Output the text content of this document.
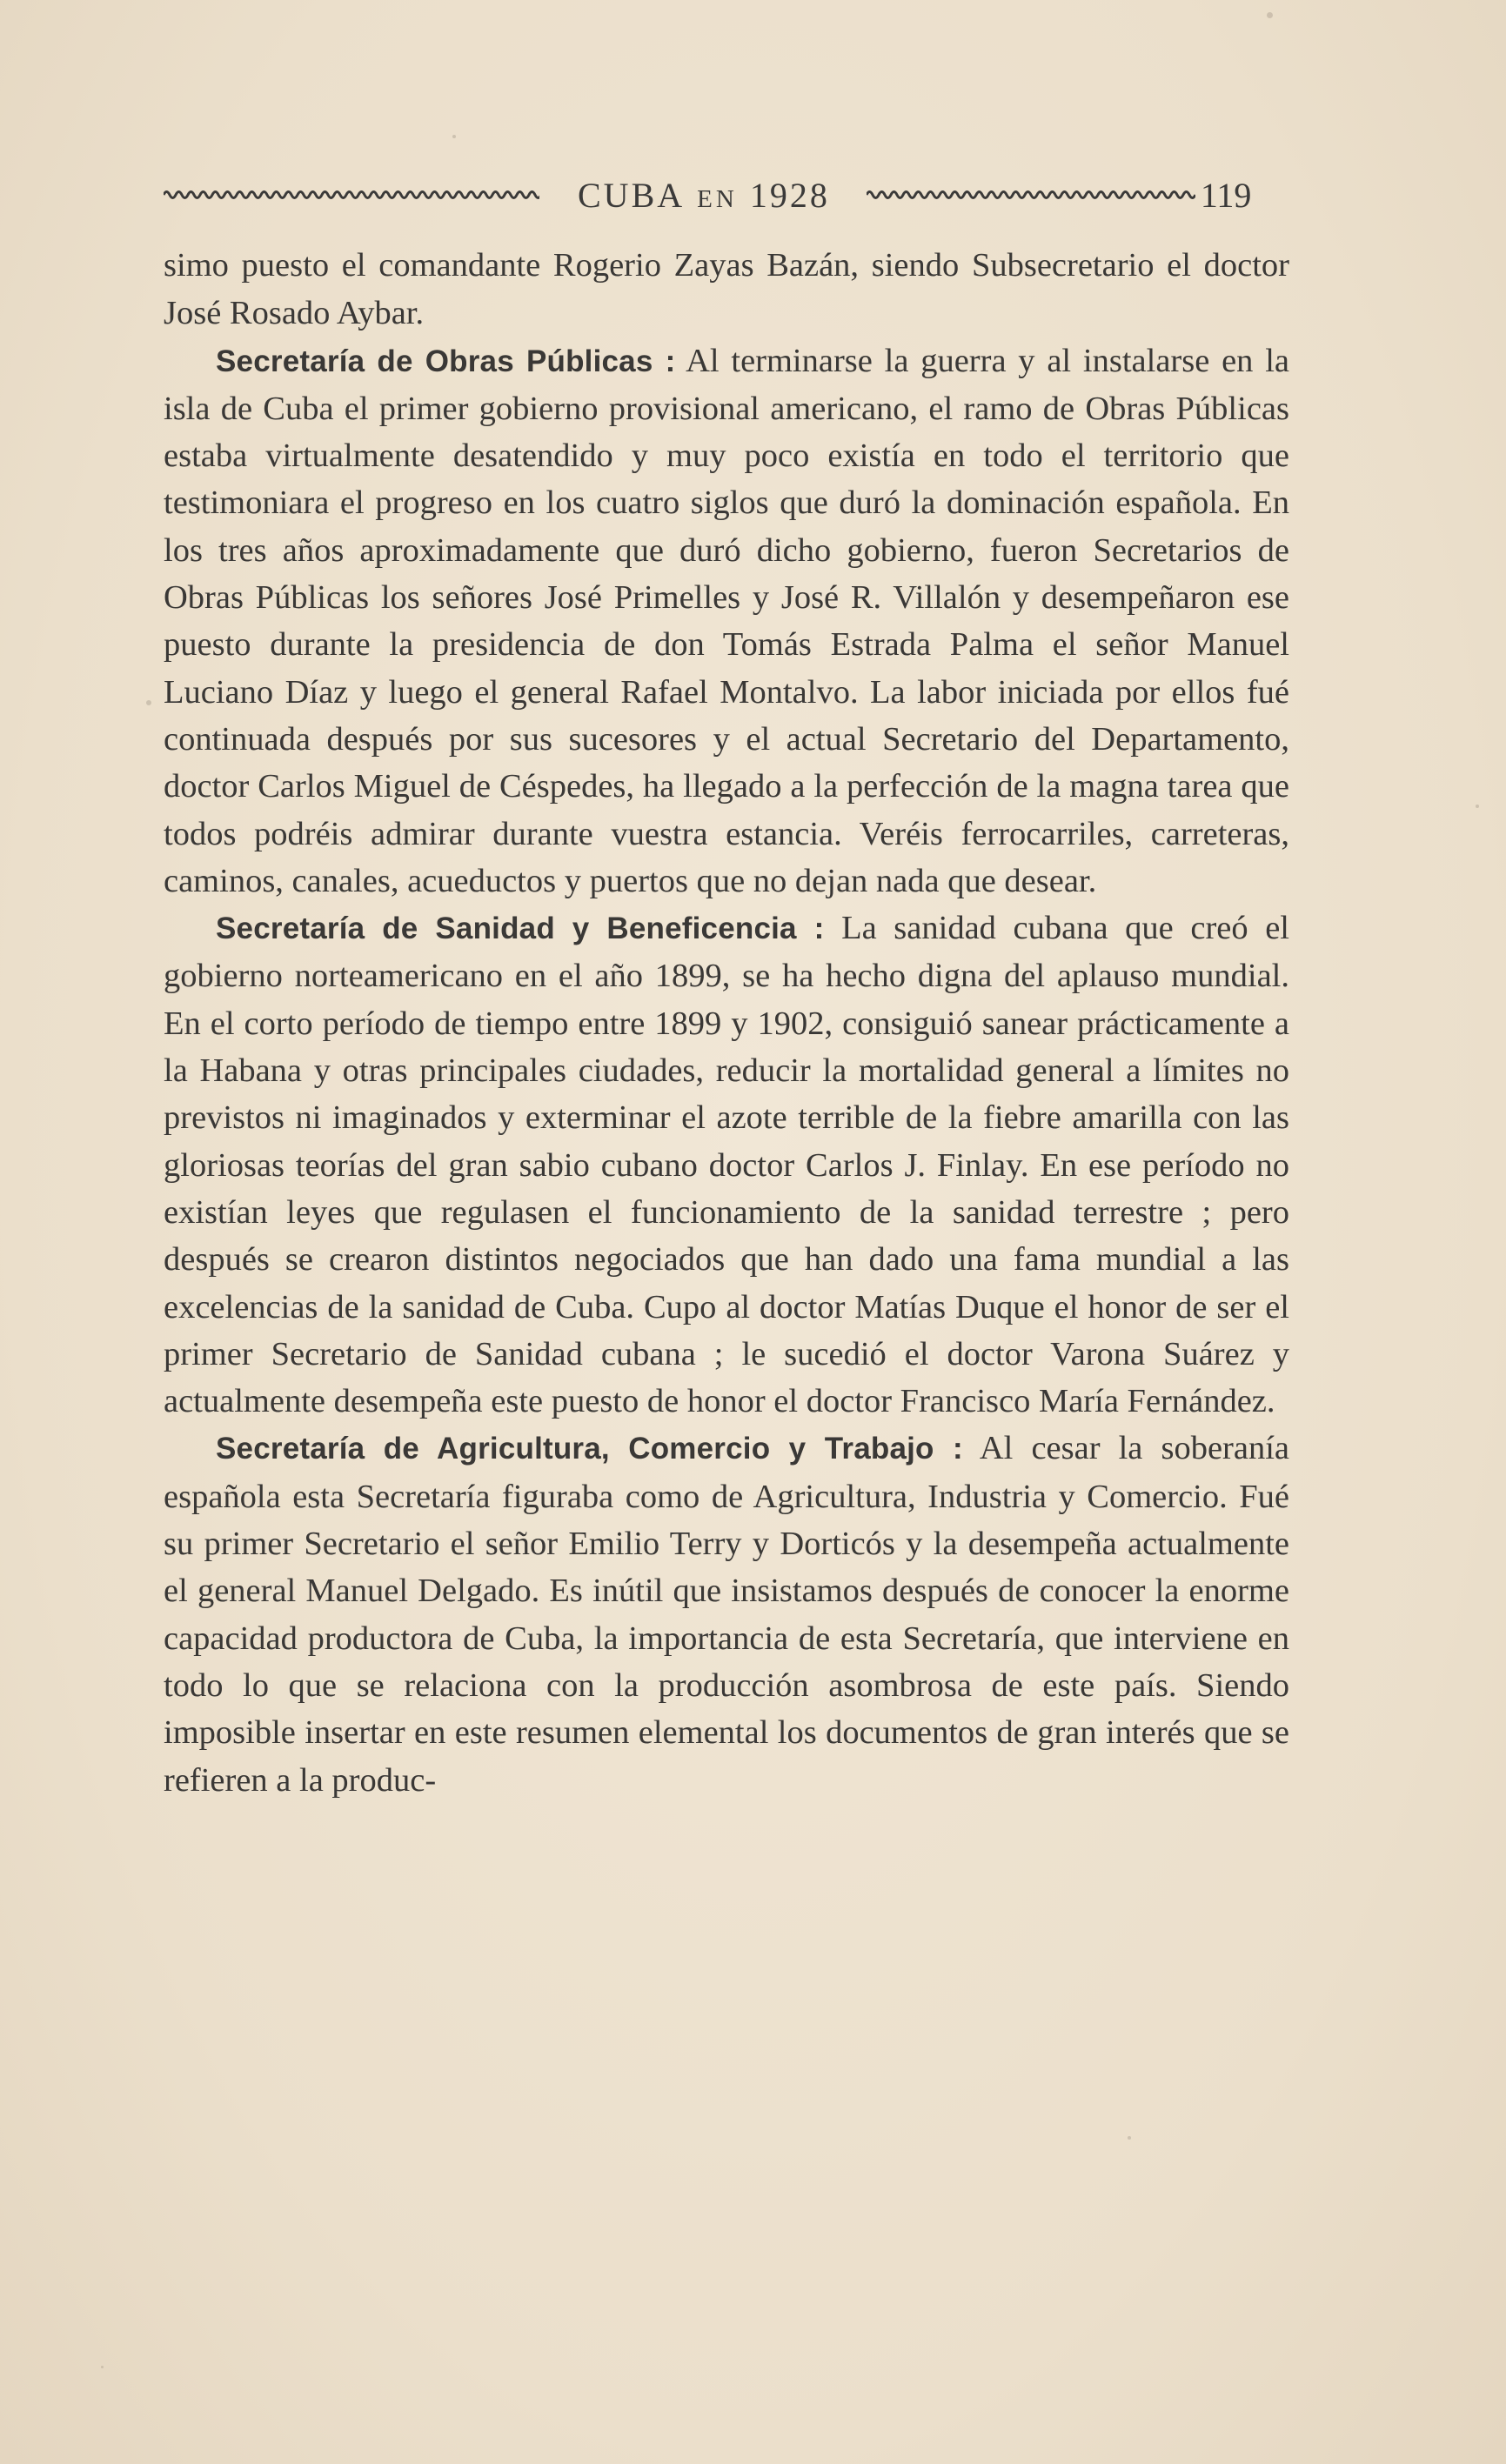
CUBA EN 1928	119

simo puesto el comandante Rogerio Zayas Bazán, siendo Subsecretario el doctor José Rosado Aybar.

Secretaría de Obras Públicas : Al terminarse la guerra y al instalarse en la isla de Cuba el primer gobierno provisional americano, el ramo de Obras Públicas estaba virtualmente desatendido y muy poco existía en todo el territorio que testimoniara el progreso en los cuatro siglos que duró la dominación española. En los tres años aproximadamente que duró dicho gobierno, fueron Secretarios de Obras Públicas los señores José Primelles y José R. Villalón y desempeñaron ese puesto durante la presidencia de don Tomás Estrada Palma el señor Manuel Luciano Díaz y luego el general Rafael Montalvo. La labor iniciada por ellos fué continuada después por sus sucesores y el actual Secretario del Departamento, doctor Carlos Miguel de Céspedes, ha llegado a la perfección de la magna tarea que todos podréis admirar durante vuestra estancia. Veréis ferrocarriles, carreteras, caminos, canales, acueductos y puertos que no dejan nada que desear.

Secretaría de Sanidad y Beneficencia : La sanidad cubana que creó el gobierno norteamericano en el año 1899, se ha hecho digna del aplauso mundial. En el corto período de tiempo entre 1899 y 1902, consiguió sanear prácticamente a la Habana y otras principales ciudades, reducir la mortalidad general a límites no previstos ni imaginados y exterminar el azote terrible de la fiebre amarilla con las gloriosas teorías del gran sabio cubano doctor Carlos J. Finlay. En ese período no existían leyes que regulasen el funcionamiento de la sanidad terrestre ; pero después se crearon distintos negociados que han dado una fama mundial a las excelencias de la sanidad de Cuba. Cupo al doctor Matías Duque el honor de ser el primer Secretario de Sanidad cubana ; le sucedió el doctor Varona Suárez y actualmente desempeña este puesto de honor el doctor Francisco María Fernández.

Secretaría de Agricultura, Comercio y Trabajo : Al cesar la soberanía española esta Secretaría figuraba como de Agricultura, Industria y Comercio. Fué su primer Secretario el señor Emilio Terry y Dorticós y la desempeña actualmente el general Manuel Delgado. Es inútil que insistamos después de conocer la enorme capacidad productora de Cuba, la importancia de esta Secretaría, que interviene en todo lo que se relaciona con la producción asombrosa de este país. Siendo imposible insertar en este resumen elemental los documentos de gran interés que se refieren a la produc-
